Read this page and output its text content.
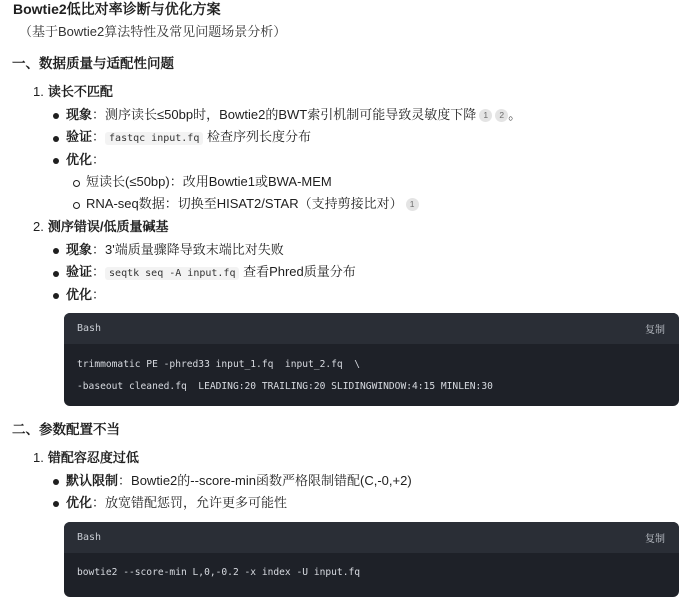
Bowtie2低比对率诊断与优化方案
（基于Bowtie2算法特性及常见问题场景分析）
一、数据质量与适配性问题
1. 读长不匹配
现象：测序读长≤50bp时，Bowtie2的BWT索引机制可能导致灵敏度下降 1 2 。
验证： fastqc input.fq 检查序列长度分布
优化：
短读长(≤50bp)：改用Bowtie1或BWA-MEM
RNA-seq数据：切换至HISAT2/STAR（支持剪接比对） 1
2. 测序错误/低质量碱基
现象：3'端质量骤降导致末端比对失败
验证： seqtk seq -A input.fq 查看Phred质量分布
优化：
Bash	复制
trimmomatic PE -phred33 input_1.fq  input_2.fq  \
-baseout cleaned.fq  LEADING:20 TRAILING:20 SLIDINGWINDOW:4:15 MINLEN:30
二、参数配置不当
1. 错配容忍度过低
默认限制：Bowtie2的--score-min函数严格限制错配(C,-0,+2)
优化：放宽错配惩罚，允许更多可能性
Bash	复制
bowtie2 --score-min L,0,-0.2 -x index -U input.fq
